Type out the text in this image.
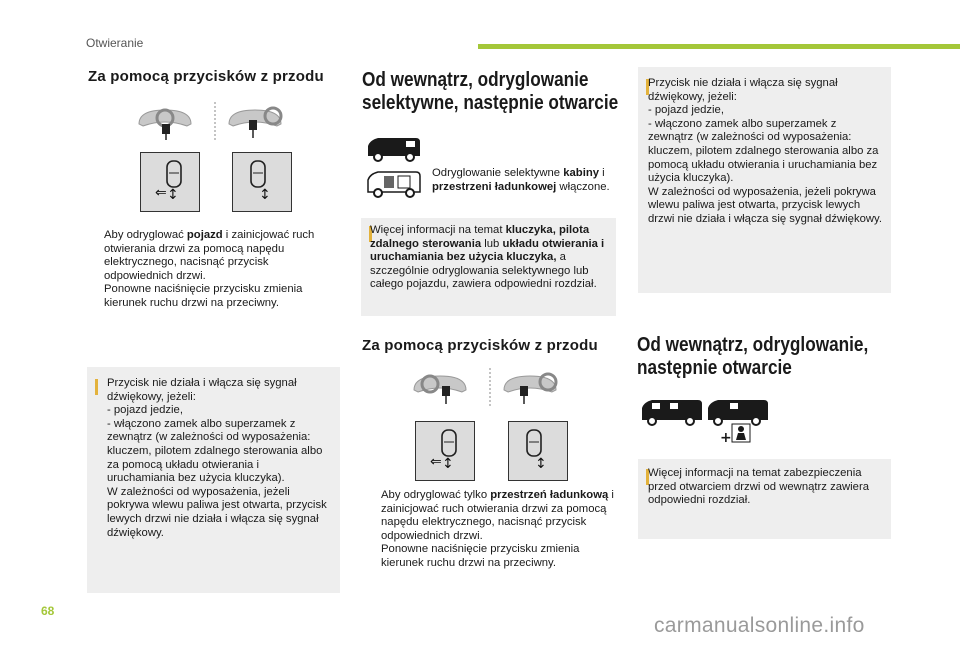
Otwieranie
Za pomocą przycisków z przodu
⇐ ↕	↕
Aby odryglować pojazd i zainicjować ruch otwierania drzwi za pomocą napędu elektrycznego, nacisnąć przycisk odpowiednich drzwi.
Ponowne naciśnięcie przycisku zmienia kierunek ruchu drzwi na przeciwny.
Przycisk nie działa i włącza się sygnał dźwiękowy, jeżeli:
- pojazd jedzie,
- włączono zamek albo superzamek z zewnątrz (w zależności od wyposażenia: kluczem, pilotem zdalnego sterowania albo za pomocą układu otwierania i uruchamiania bez użycia kluczyka).
W zależności od wyposażenia, jeżeli pokrywa wlewu paliwa jest otwarta, przycisk lewych drzwi nie działa i włącza się sygnał dźwiękowy.
Od wewnątrz, odryglowanie selektywne, następnie otwarcie
Odryglowanie selektywne kabiny i przestrzeni ładunkowej włączone.
Więcej informacji na temat kluczyka, pilota zdalnego sterowania lub układu otwierania i uruchamiania bez użycia kluczyka, a szczególnie odryglowania selektywnego lub całego pojazdu, zawiera odpowiedni rozdział.
Za pomocą przycisków z przodu
⇐ ↕	↕
Aby odryglować tylko przestrzeń ładunkową i zainicjować ruch otwierania drzwi za pomocą napędu elektrycznego, nacisnąć przycisk odpowiednich drzwi.
Ponowne naciśnięcie przycisku zmienia kierunek ruchu drzwi na przeciwny.
Przycisk nie działa i włącza się sygnał dźwiękowy, jeżeli:
- pojazd jedzie,
- włączono zamek albo superzamek z zewnątrz (w zależności od wyposażenia: kluczem, pilotem zdalnego sterowania albo za pomocą układu otwierania i uruchamiania bez użycia kluczyka).
W zależności od wyposażenia, jeżeli pokrywa wlewu paliwa jest otwarta, przycisk lewych drzwi nie działa i włącza się sygnał dźwiękowy.
Od wewnątrz, odryglowanie, następnie otwarcie
+
Więcej informacji na temat zabezpieczenia przed otwarciem drzwi od wewnątrz zawiera odpowiedni rozdział.
68
carmanualsonline.info
